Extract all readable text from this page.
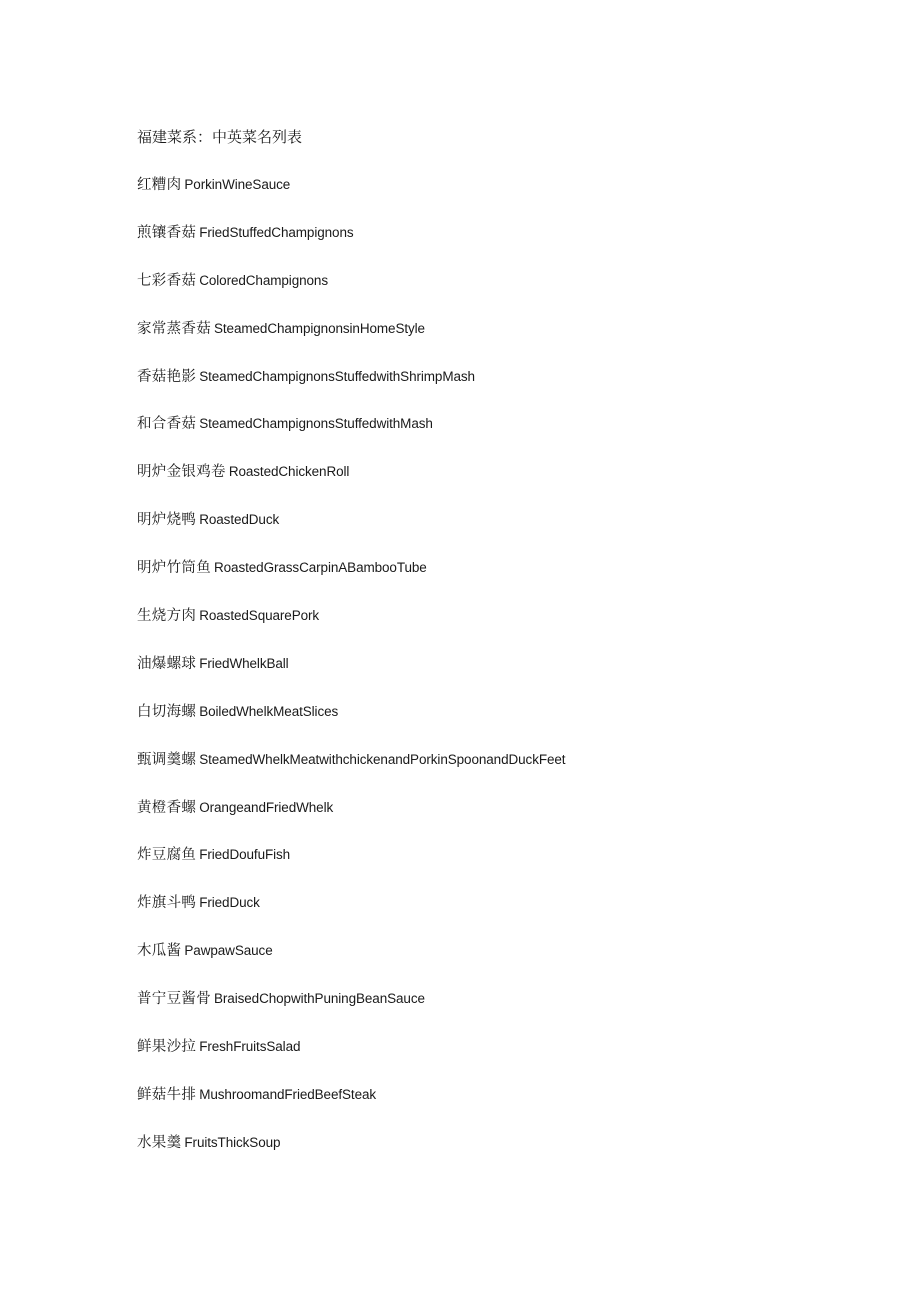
福建菜系：中英菜名列表
红糟肉 PorkinWineSauce
煎镶香菇 FriedStuffedChampignons
七彩香菇 ColoredChampignons
家常蒸香菇 SteamedChampignonsinHomeStyle
香菇艳影 SteamedChampignonsStuffedwithShrimpMash
和合香菇 SteamedChampignonsStuffedwithMash
明炉金银鸡卷 RoastedChickenRoll
明炉烧鸭 RoastedDuck
明炉竹筒鱼 RoastedGrassCarpinABambooTube
生烧方肉 RoastedSquarePork
油爆螺球 FriedWhelkBall
白切海螺 BoiledWhelkMeatSlices
甄调羹螺 SteamedWhelkMeatwithchickenandPorkinSpoonandDuckFeet
黄橙香螺 OrangeandFriedWhelk
炸豆腐鱼 FriedDoufuFish
炸旗斗鸭 FriedDuck
木瓜酱 PawpawSauce
普宁豆酱骨 BraisedChopwithPuningBeanSauce
鲜果沙拉 FreshFruitsSalad
鲜菇牛排 MushroomandFriedBeefSteak
水果羹 FruitsThickSoup
